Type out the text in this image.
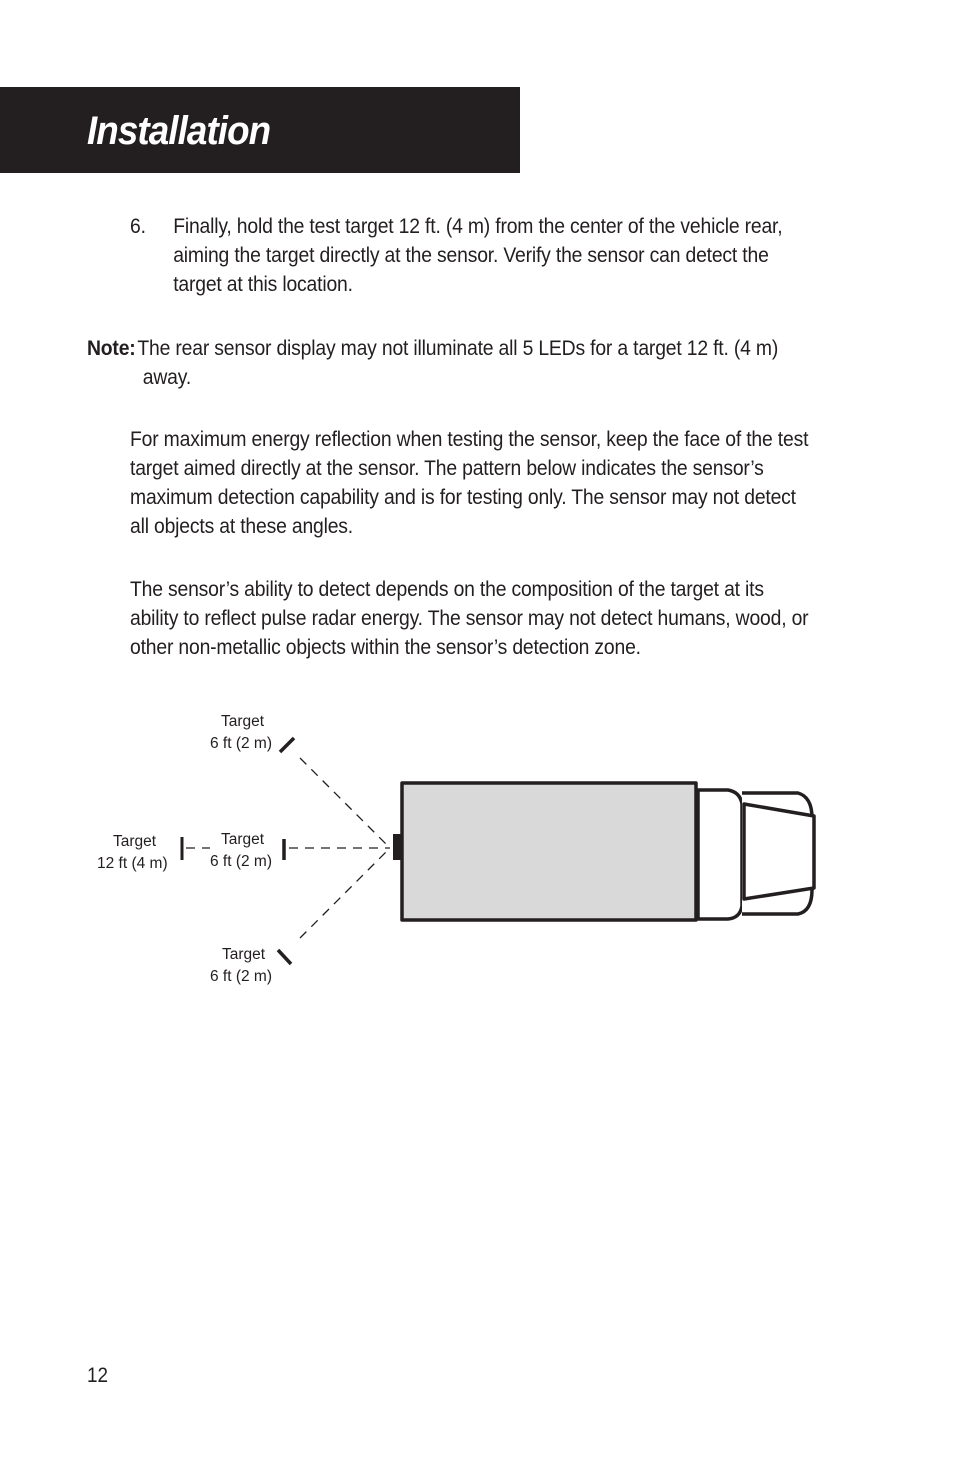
Installation
6. Finally, hold the test target 12 ft. (4 m) from the center of the vehicle rear, aiming the target directly at the sensor. Verify the sensor can detect the target at this location.

Note: The rear sensor display may not illuminate all 5 LEDs for a target 12 ft. (4 m) away.

For maximum energy reflection when testing the sensor, keep the face of the test target aimed directly at the sensor. The pattern below indicates the sensor’s maximum detection capability and is for testing only. The sensor may not detect all objects at these angles.

The sensor’s ability to detect depends on the composition of the target at its ability to reflect pulse radar energy. The sensor may not detect humans, wood, or other non-metallic objects within the sensor’s detection zone.

Target
6 ft (2 m)
Target
6 ft (2 m)
Target
12 ft (4 m)
Target
6 ft (2 m)
12
